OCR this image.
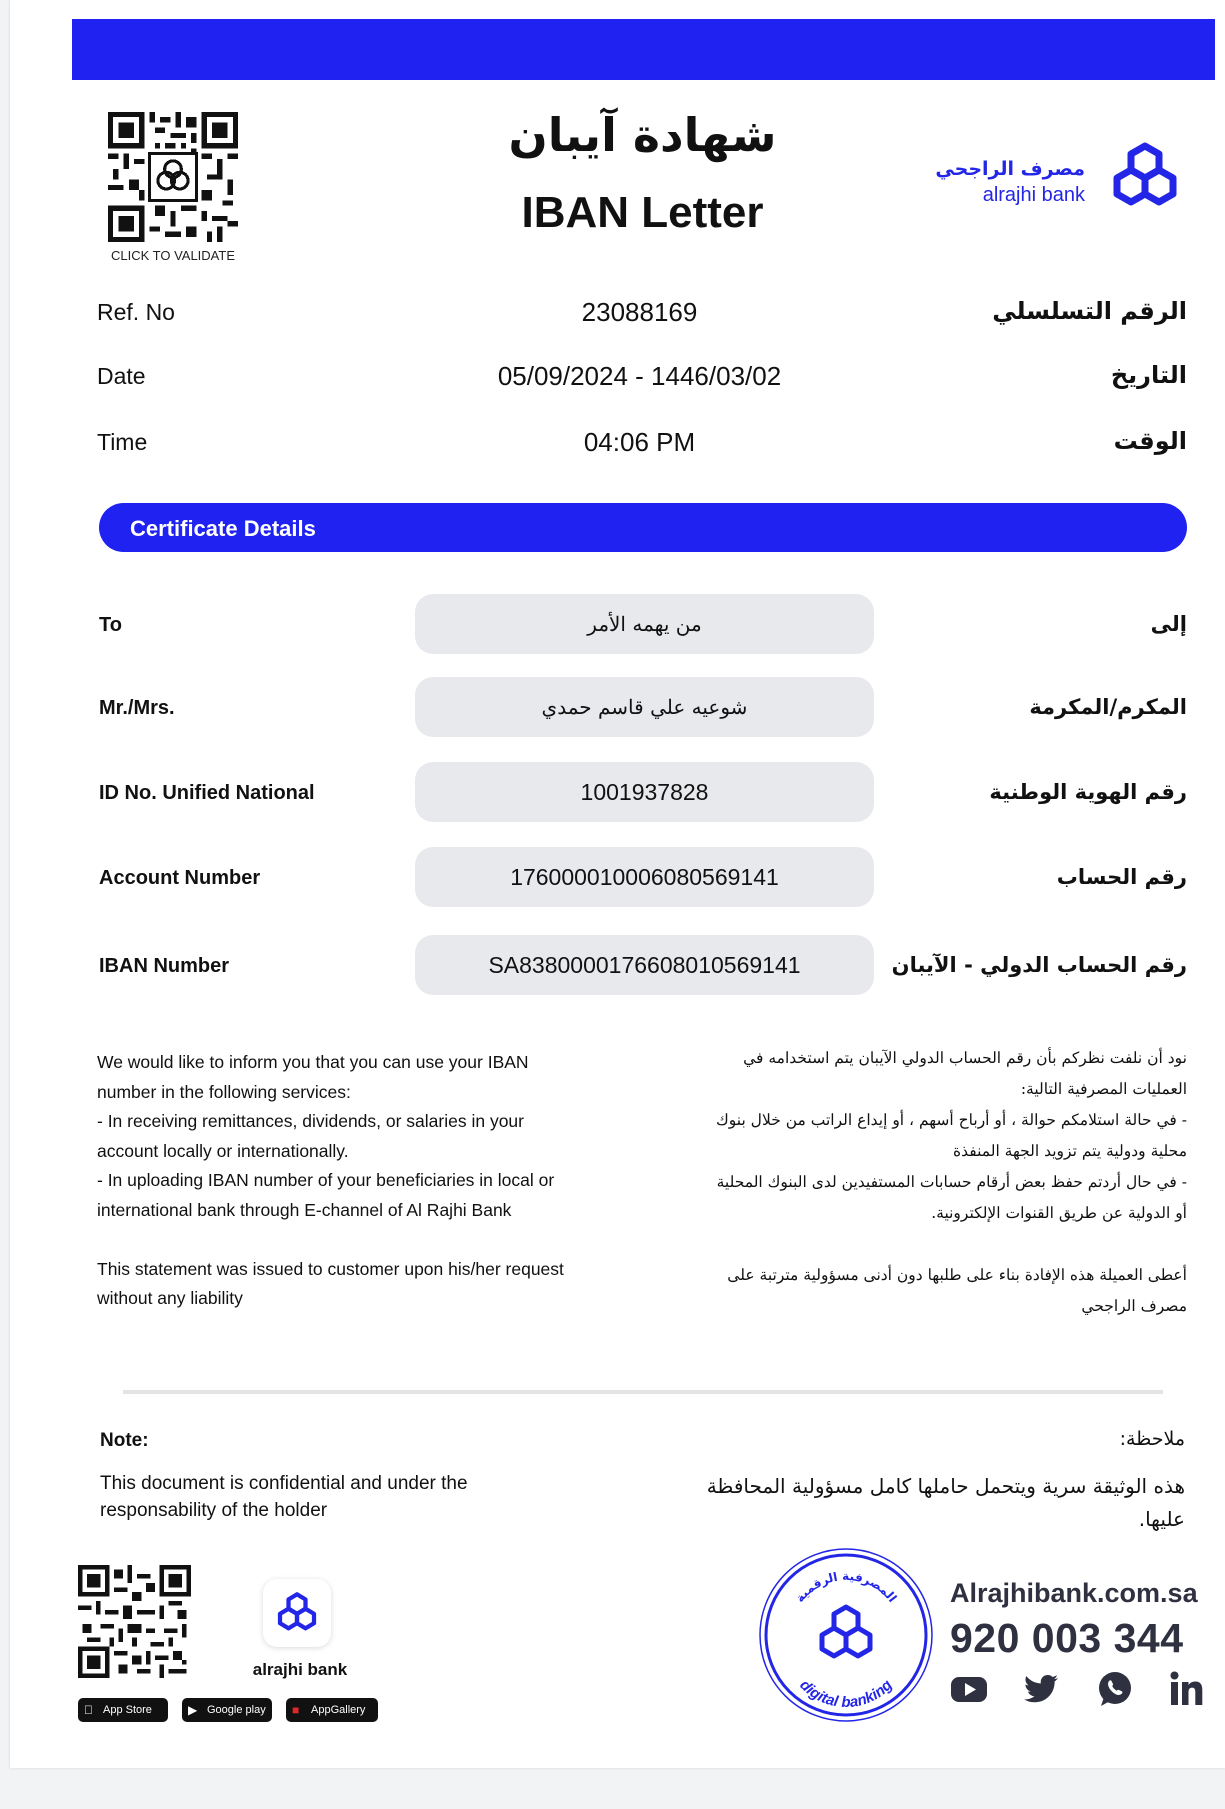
CLICK TO VALIDATE
شهادة آيبان
IBAN Letter
مصرف الراجحي
alrajhi bank
Ref. No	23088169	الرقم التسلسلي
Date	05/09/2024 - 1446/03/02	التاريخ
Time	04:06 PM	الوقت
Certificate Details
To	من يهمه الأمر	إلى
Mr./Mrs.	شوعيه علي قاسم حمدي	المكرم/المكرمة
ID No. Unified National	1001937828	رقم الهوية الوطنية
Account Number	176000010006080569141	رقم الحساب
IBAN Number	SA8380000176608010569141	رقم الحساب الدولي - الآيبان

We would like to inform you that you can use your IBAN number in the following services:

- In receiving remittances, dividends, or salaries in your account locally or internationally.

- In uploading IBAN number of your beneficiaries in local or international bank through E-channel of Al Rajhi Bank

This statement was issued to customer upon his/her request without any liability

نود أن نلفت نظركم بأن رقم الحساب الدولي الآيبان يتم استخدامه في العمليات المصرفية التالية:

- في حالة استلامكم حوالة ، أو أرباح أسهم ، أو إيداع الراتب من خلال بنوك محلية ودولية يتم تزويد الجهة المنفذة

- في حال أردتم حفظ بعض أرقام حسابات المستفيدين لدى البنوك المحلية أو الدولية عن طريق القنوات الإلكترونية.

أعطى العميلة هذه الإفادة بناء على طلبها دون أدنى مسؤولية مترتبة على مصرف الراجحي

Note:
This document is confidential and under the responsability of the holder
ملاحظة:
هذه الوثيقة سرية ويتحمل حاملها كامل مسؤولية المحافظة عليها.
alrajhi bank
App Store	▶ Google play	■ AppGallery
المصرفية الرقمية
digital banking
Alrajhibank.com.sa
920 003 344
